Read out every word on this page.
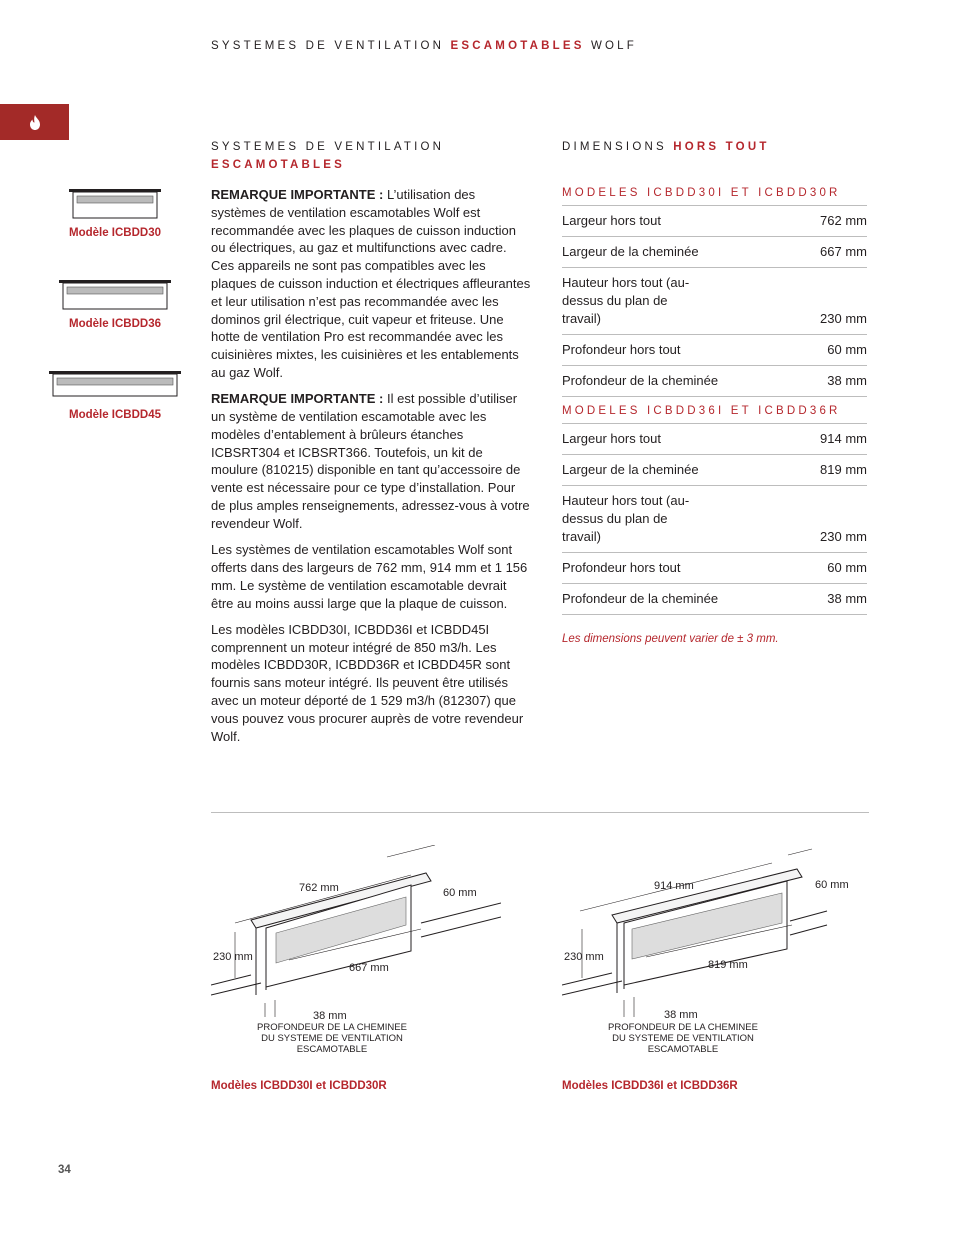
SYSTEMES DE VENTILATION ESCAMOTABLES WOLF
Modèle ICBDD30
Modèle ICBDD36
Modèle ICBDD45
SYSTEMES DE VENTILATION
ESCAMOTABLES

REMARQUE IMPORTANTE : L’utilisation des systèmes de ventilation escamotables Wolf est recommandée avec les plaques de cuisson induction ou électriques, au gaz et multifunctions avec cadre. Ces appareils ne sont pas compatibles avec les plaques de cuisson induction et électriques affleurantes et leur utilisation n’est pas recommandée avec les dominos gril électrique, cuit vapeur et friteuse. Une hotte de ventilation Pro est recommandée avec les cuisinières mixtes, les cuisinières et les entablements au gaz Wolf.

REMARQUE IMPORTANTE : Il est possible d’utiliser un système de ventilation escamotable avec les modèles d’entablement à brûleurs étanches ICBSRT304 et ICBSRT366. Toutefois, un kit de moulure (810215) disponible en tant qu’accessoire de vente est nécessaire pour ce type d’installation. Pour de plus amples renseignements, adressez-vous à votre revendeur Wolf.

Les systèmes de ventilation escamotables Wolf sont offerts dans des largeurs de 762 mm, 914 mm et 1 156 mm. Le système de ventilation escamotable devrait être au moins aussi large que la plaque de cuisson.

Les modèles ICBDD30I, ICBDD36I et ICBDD45I comprennent un moteur intégré de 850 m3/h. Les modèles ICBDD30R, ICBDD36R et ICBDD45R sont fournis sans moteur intégré. Ils peuvent être utilisés avec un moteur déporté de 1 529 m3/h (812307) que vous pouvez vous procurer auprès de votre revendeur Wolf.

DIMENSIONS HORS TOUT
MODELES ICBDD30I ET ICBDD30R
Largeur hors tout	762 mm
Largeur de la cheminée	667 mm
Hauteur hors tout (au-dessus du plan de travail)	230 mm
Profondeur hors tout	60 mm
Profondeur de la cheminée	38 mm
MODELES ICBDD36I ET ICBDD36R
Largeur hors tout	914 mm
Largeur de la cheminée	819 mm
Hauteur hors tout (au-dessus du plan de travail)	230 mm
Profondeur hors tout	60 mm
Profondeur de la cheminée	38 mm
Les dimensions peuvent varier de ± 3 mm.
762 mm	60 mm
230 mm
667 mm
38 mm
PROFONDEUR DE LA CHEMINEE
DU SYSTEME DE VENTILATION
ESCAMOTABLE
Modèles ICBDD30I et ICBDD30R
914 mm	60 mm
230 mm
819 mm
38 mm
PROFONDEUR DE LA CHEMINEE
DU SYSTEME DE VENTILATION
ESCAMOTABLE
Modèles ICBDD36I et ICBDD36R
34
